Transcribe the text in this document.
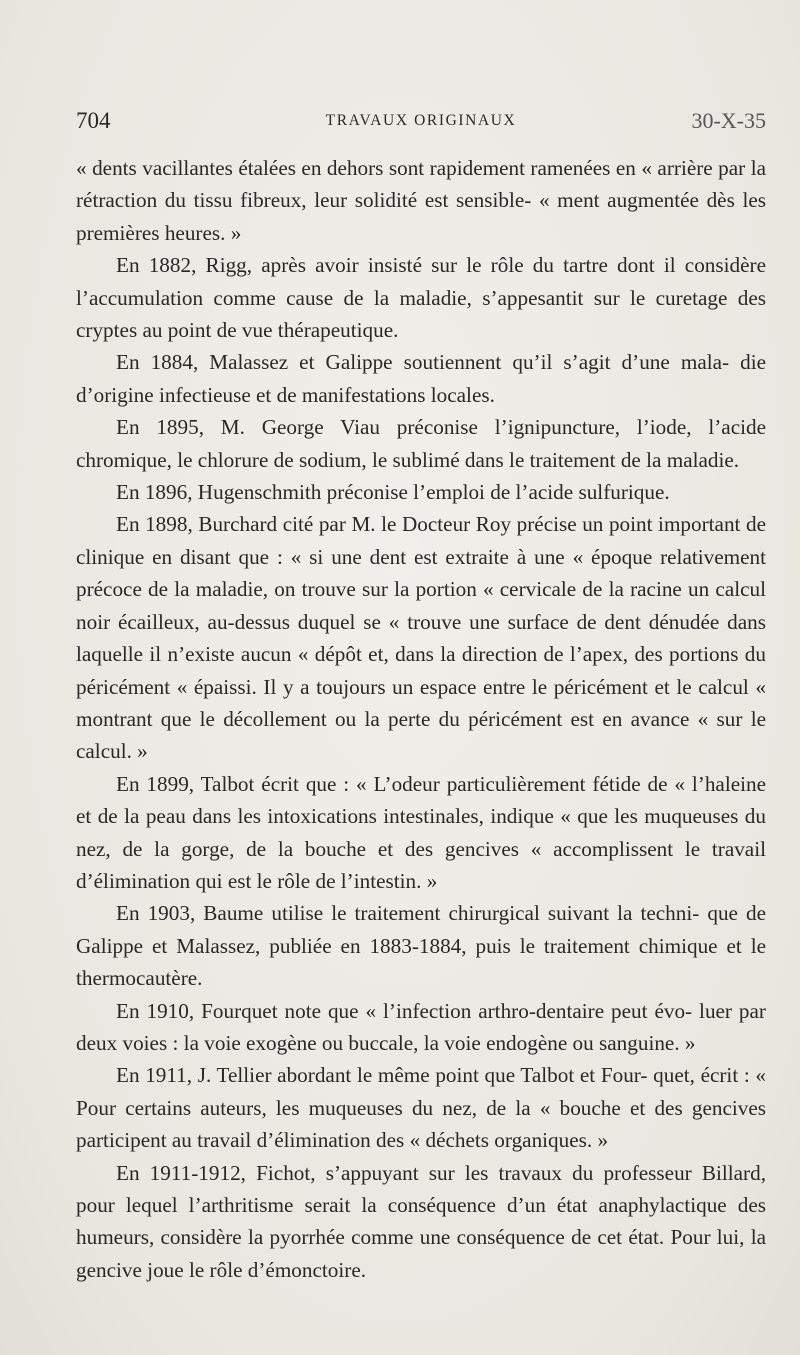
704	TRAVAUX ORIGINAUX	30-X-35

« dents vacillantes étalées en dehors sont rapidement ramenées en « arrière par la rétraction du tissu fibreux, leur solidité est sensible- « ment augmentée dès les premières heures. »

En 1882, Rigg, après avoir insisté sur le rôle du tartre dont il considère l’accumulation comme cause de la maladie, s’appesantit sur le curetage des cryptes au point de vue thérapeutique.

En 1884, Malassez et Galippe soutiennent qu’il s’agit d’une mala- die d’origine infectieuse et de manifestations locales.

En 1895, M. George Viau préconise l’ignipuncture, l’iode, l’acide chromique, le chlorure de sodium, le sublimé dans le traitement de la maladie.

En 1896, Hugenschmith préconise l’emploi de l’acide sulfurique.

En 1898, Burchard cité par M. le Docteur Roy précise un point important de clinique en disant que : « si une dent est extraite à une « époque relativement précoce de la maladie, on trouve sur la portion « cervicale de la racine un calcul noir écailleux, au-dessus duquel se « trouve une surface de dent dénudée dans laquelle il n’existe aucun « dépôt et, dans la direction de l’apex, des portions du péricément « épaissi. Il y a toujours un espace entre le péricément et le calcul « montrant que le décollement ou la perte du péricément est en avance « sur le calcul. »

En 1899, Talbot écrit que : « L’odeur particulièrement fétide de « l’haleine et de la peau dans les intoxications intestinales, indique « que les muqueuses du nez, de la gorge, de la bouche et des gencives « accomplissent le travail d’élimination qui est le rôle de l’intestin. »

En 1903, Baume utilise le traitement chirurgical suivant la techni- que de Galippe et Malassez, publiée en 1883-1884, puis le traitement chimique et le thermocautère.

En 1910, Fourquet note que « l’infection arthro-dentaire peut évo- luer par deux voies : la voie exogène ou buccale, la voie endogène ou sanguine. »

En 1911, J. Tellier abordant le même point que Talbot et Four- quet, écrit : « Pour certains auteurs, les muqueuses du nez, de la « bouche et des gencives participent au travail d’élimination des « déchets organiques. »

En 1911-1912, Fichot, s’appuyant sur les travaux du professeur Billard, pour lequel l’arthritisme serait la conséquence d’un état anaphylactique des humeurs, considère la pyorrhée comme une conséquence de cet état. Pour lui, la gencive joue le rôle d’émonctoire.
